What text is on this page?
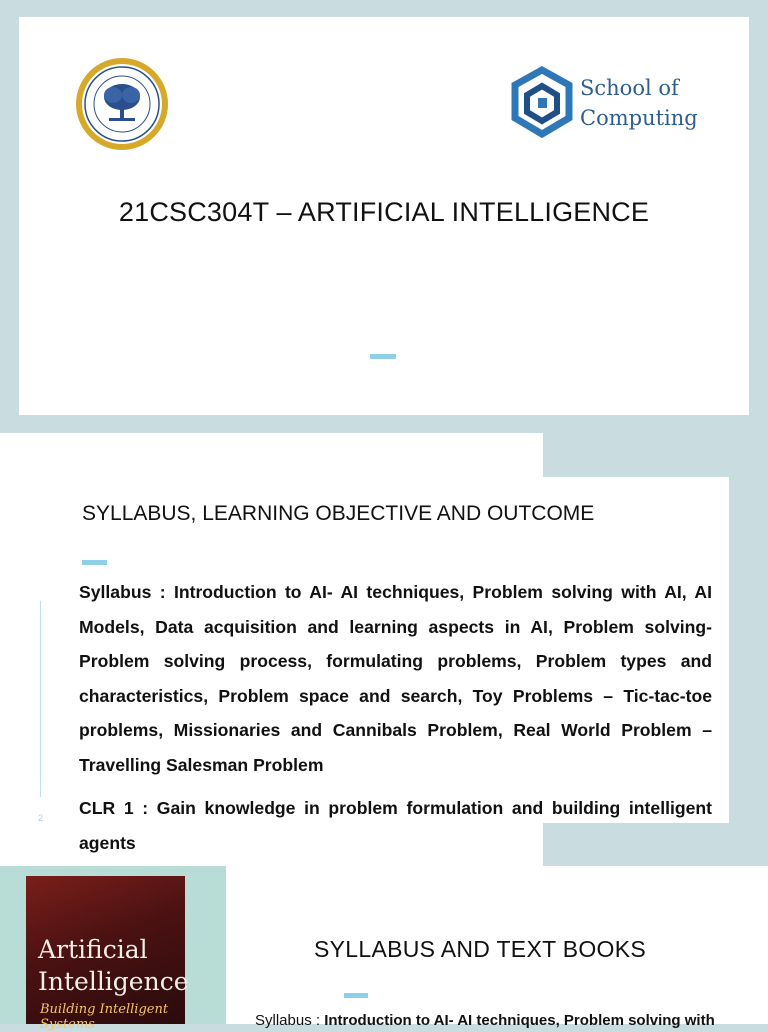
School of
Computing
21CSC304T – ARTIFICIAL INTELLIGENCE
SYLLABUS, LEARNING OBJECTIVE AND OUTCOME
Syllabus : Introduction to AI- AI techniques, Problem solving with AI, AI Models, Data acquisition and learning aspects in AI, Problem solving- Problem solving process, formulating problems, Problem types and characteristics, Problem space and search, Toy Problems – Tic-tac-toe problems, Missionaries and Cannibals Problem, Real World Problem – Travelling Salesman Problem
CLR 1 : Gain knowledge in problem formulation and building intelligent agents
2
Artificial
Intelligence
Building Intelligent Systems
SYLLABUS AND TEXT BOOKS
Syllabus : Introduction to AI- AI techniques, Problem solving with
